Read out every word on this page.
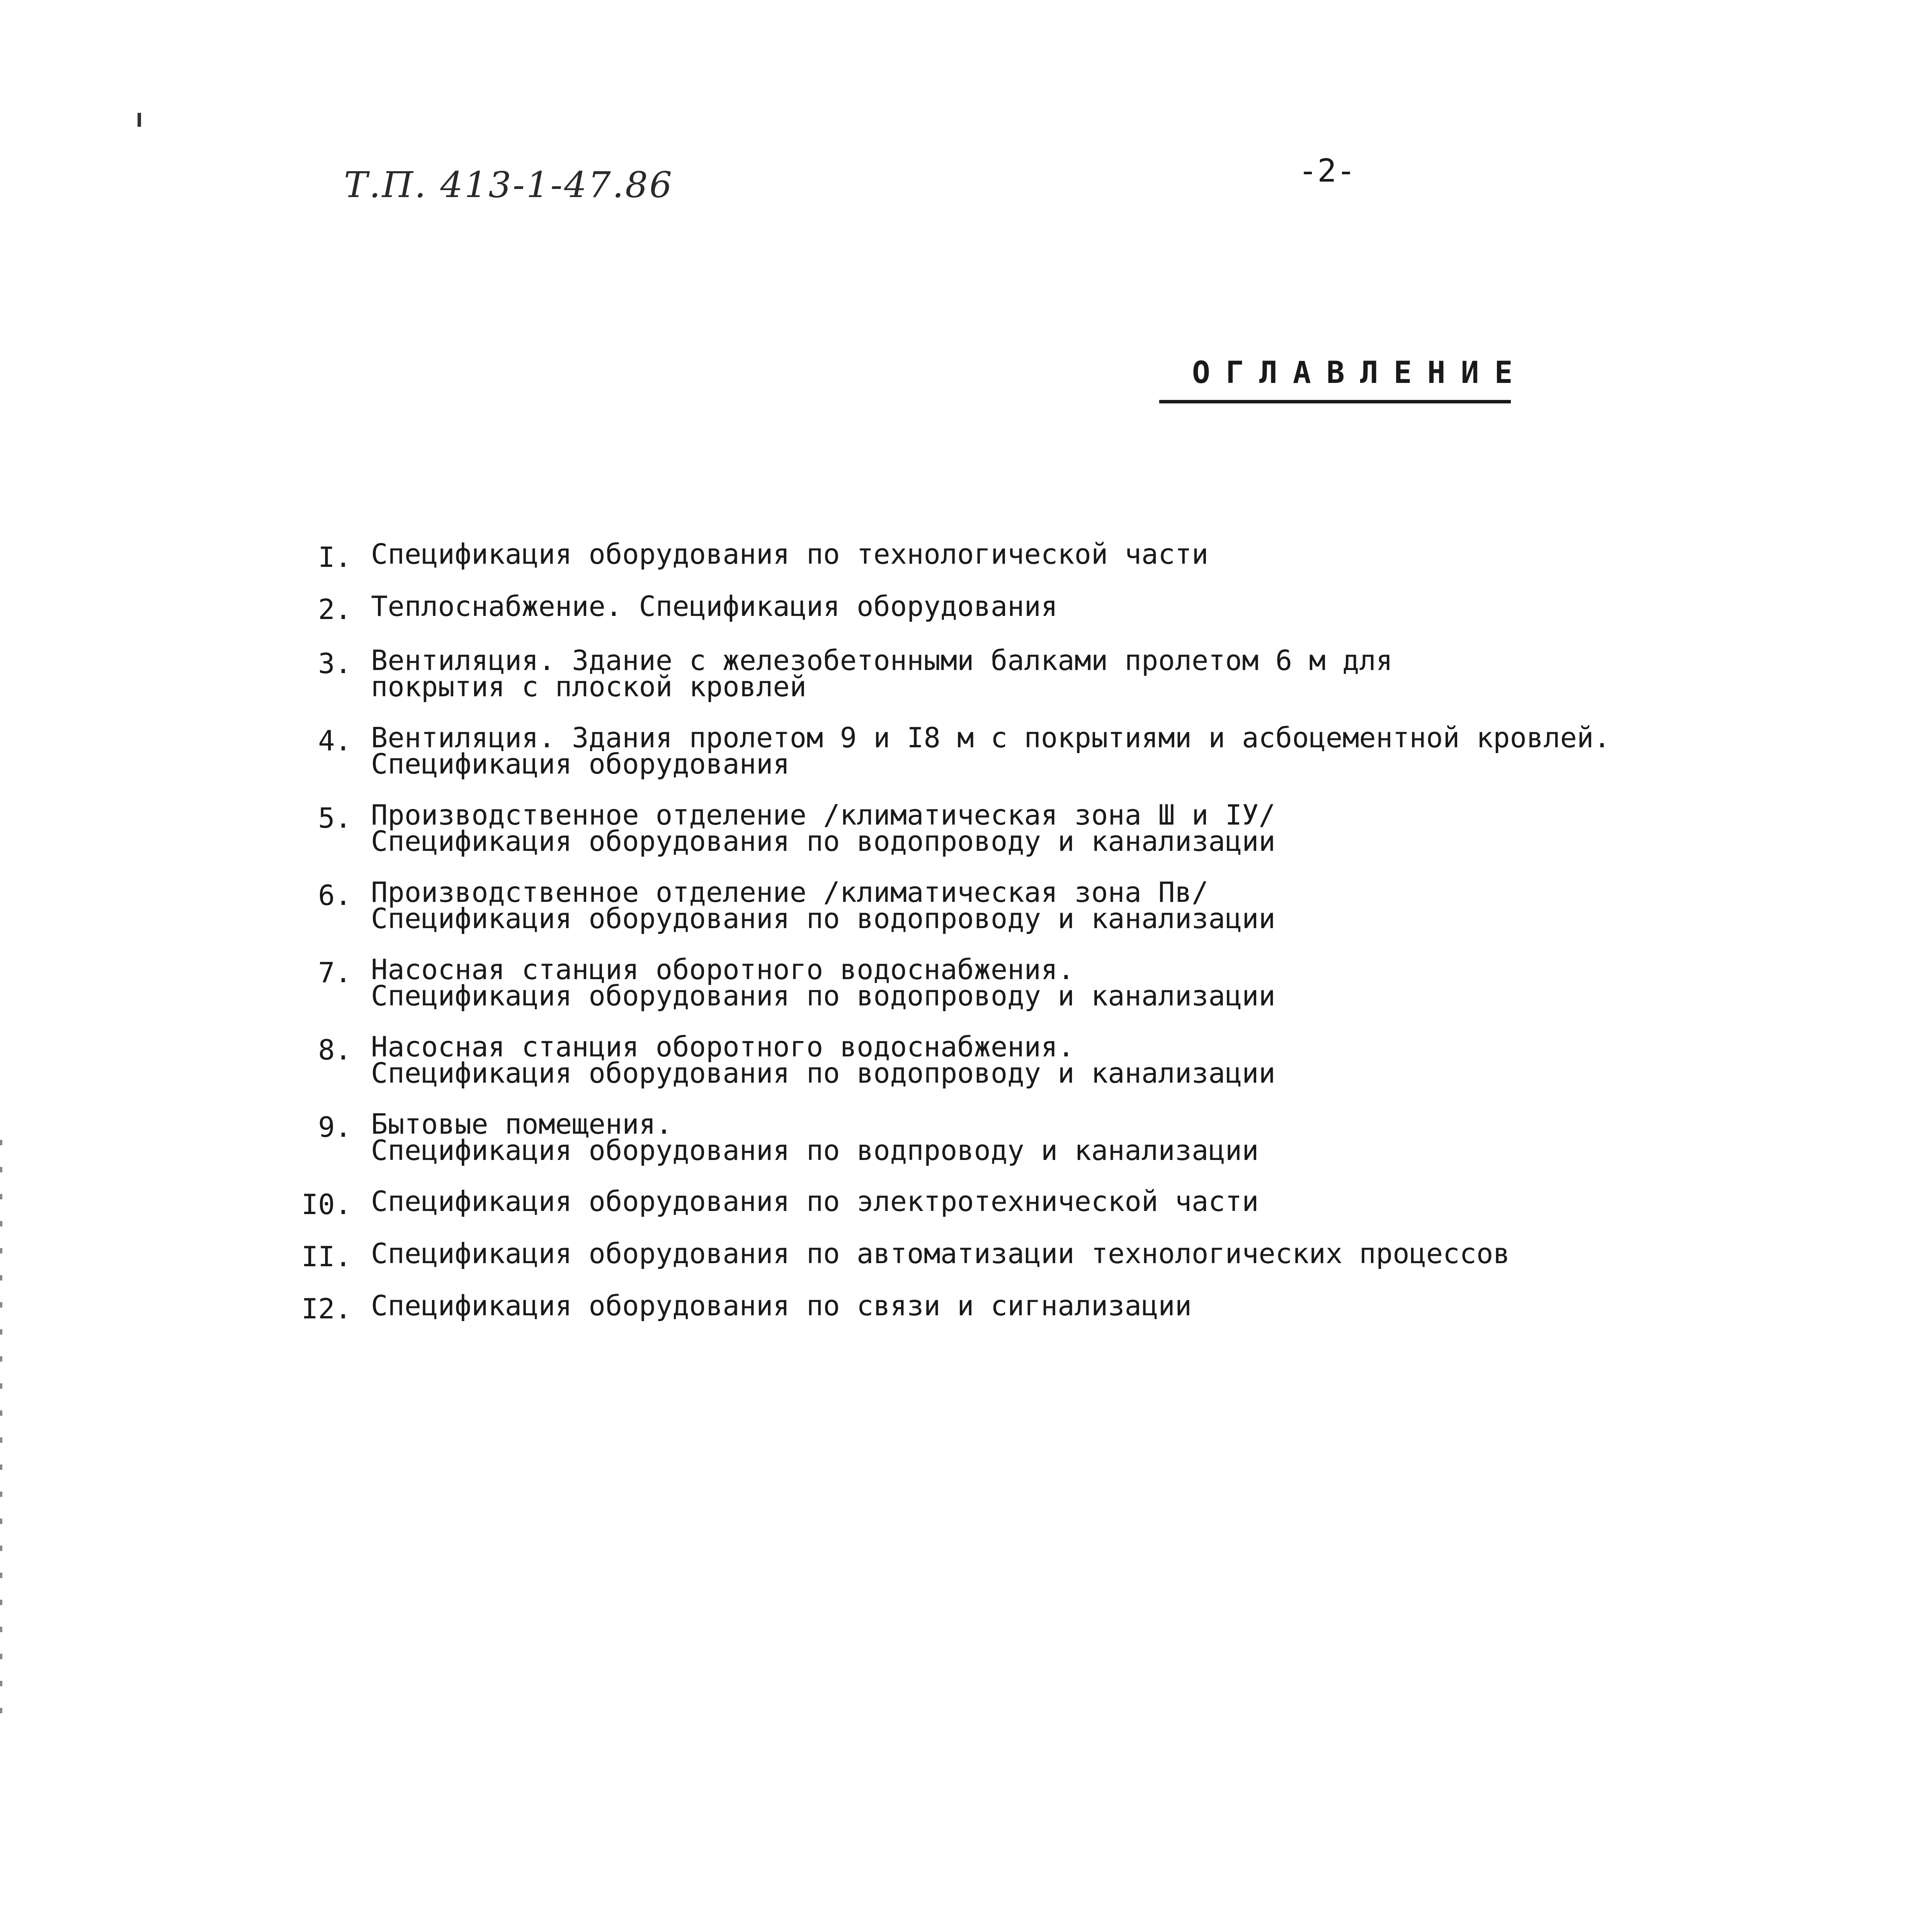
Т.П. 413-1-47.86	-2-
ОГЛАВЛЕНИЕ
I. Спецификация оборудования по технологической части
2. Теплоснабжение. Спецификация оборудования
3. Вентиляция. Здание с железобетонными балками пролетом 6 м для
покрытия с плоской кровлей
4. Вентиляция. Здания пролетом 9 и I8 м с покрытиями и асбоцементной кровлей.
Спецификация оборудования
5. Производственное отделение /климатическая зона Ш и IУ/
Спецификация оборудования по водопроводу и канализации
6. Производственное отделение /климатическая зона Пв/
Спецификация оборудования по водопроводу и канализации
7. Насосная станция оборотного водоснабжения.
Спецификация оборудования по водопроводу и канализации
8. Насосная станция оборотного водоснабжения.
Спецификация оборудования по водопроводу и канализации
9. Бытовые помещения.
Спецификация оборудования по водпроводу и канализации
I0. Спецификация оборудования по электротехнической части
II. Спецификация оборудования по автоматизации технологических процессов
I2. Спецификация оборудования по связи и сигнализации
